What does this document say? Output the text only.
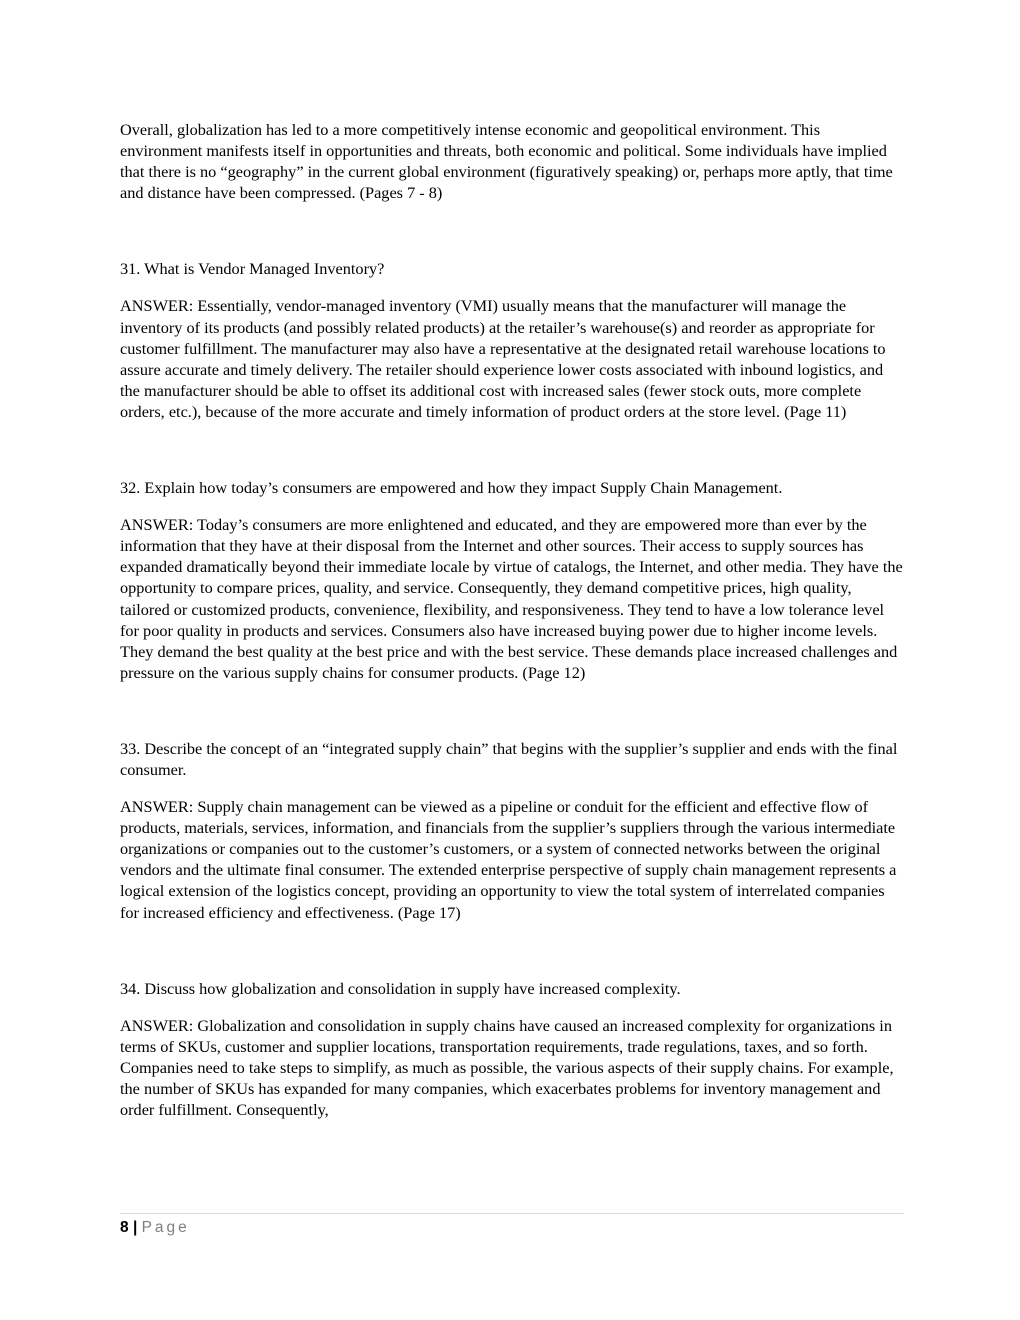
Overall, globalization has led to a more competitively intense economic and geopolitical environment. This environment manifests itself in opportunities and threats, both economic and political. Some individuals have implied that there is no “geography” in the current global environment (figuratively speaking) or, perhaps more aptly, that time and distance have been compressed. (Pages 7 - 8)

31. What is Vendor Managed Inventory?

ANSWER: Essentially, vendor-managed inventory (VMI) usually means that the manufacturer will manage the inventory of its products (and possibly related products) at the retailer’s warehouse(s) and reorder as appropriate for customer fulfillment. The manufacturer may also have a representative at the designated retail warehouse locations to assure accurate and timely delivery. The retailer should experience lower costs associated with inbound logistics, and the manufacturer should be able to offset its additional cost with increased sales (fewer stock outs, more complete orders, etc.), because of the more accurate and timely information of product orders at the store level. (Page 11)

32. Explain how today’s consumers are empowered and how they impact Supply Chain Management.

ANSWER: Today’s consumers are more enlightened and educated, and they are empowered more than ever by the information that they have at their disposal from the Internet and other sources. Their access to supply sources has expanded dramatically beyond their immediate locale by virtue of catalogs, the Internet, and other media. They have the opportunity to compare prices, quality, and service. Consequently, they demand competitive prices, high quality, tailored or customized products, convenience, flexibility, and responsiveness. They tend to have a low tolerance level for poor quality in products and services. Consumers also have increased buying power due to higher income levels. They demand the best quality at the best price and with the best service. These demands place increased challenges and pressure on the various supply chains for consumer products. (Page 12)

33. Describe the concept of an “integrated supply chain” that begins with the supplier’s supplier and ends with the final consumer.

ANSWER: Supply chain management can be viewed as a pipeline or conduit for the efficient and effective flow of products, materials, services, information, and financials from the supplier’s suppliers through the various intermediate organizations or companies out to the customer’s customers, or a system of connected networks between the original vendors and the ultimate final consumer. The extended enterprise perspective of supply chain management represents a logical extension of the logistics concept, providing an opportunity to view the total system of interrelated companies for increased efficiency and effectiveness. (Page 17)

34. Discuss how globalization and consolidation in supply have increased complexity.

ANSWER: Globalization and consolidation in supply chains have caused an increased complexity for organizations in terms of SKUs, customer and supplier locations, transportation requirements, trade regulations, taxes, and so forth. Companies need to take steps to simplify, as much as possible, the various aspects of their supply chains. For example, the number of SKUs has expanded for many companies, which exacerbates problems for inventory management and order fulfillment. Consequently,

8 | Page
